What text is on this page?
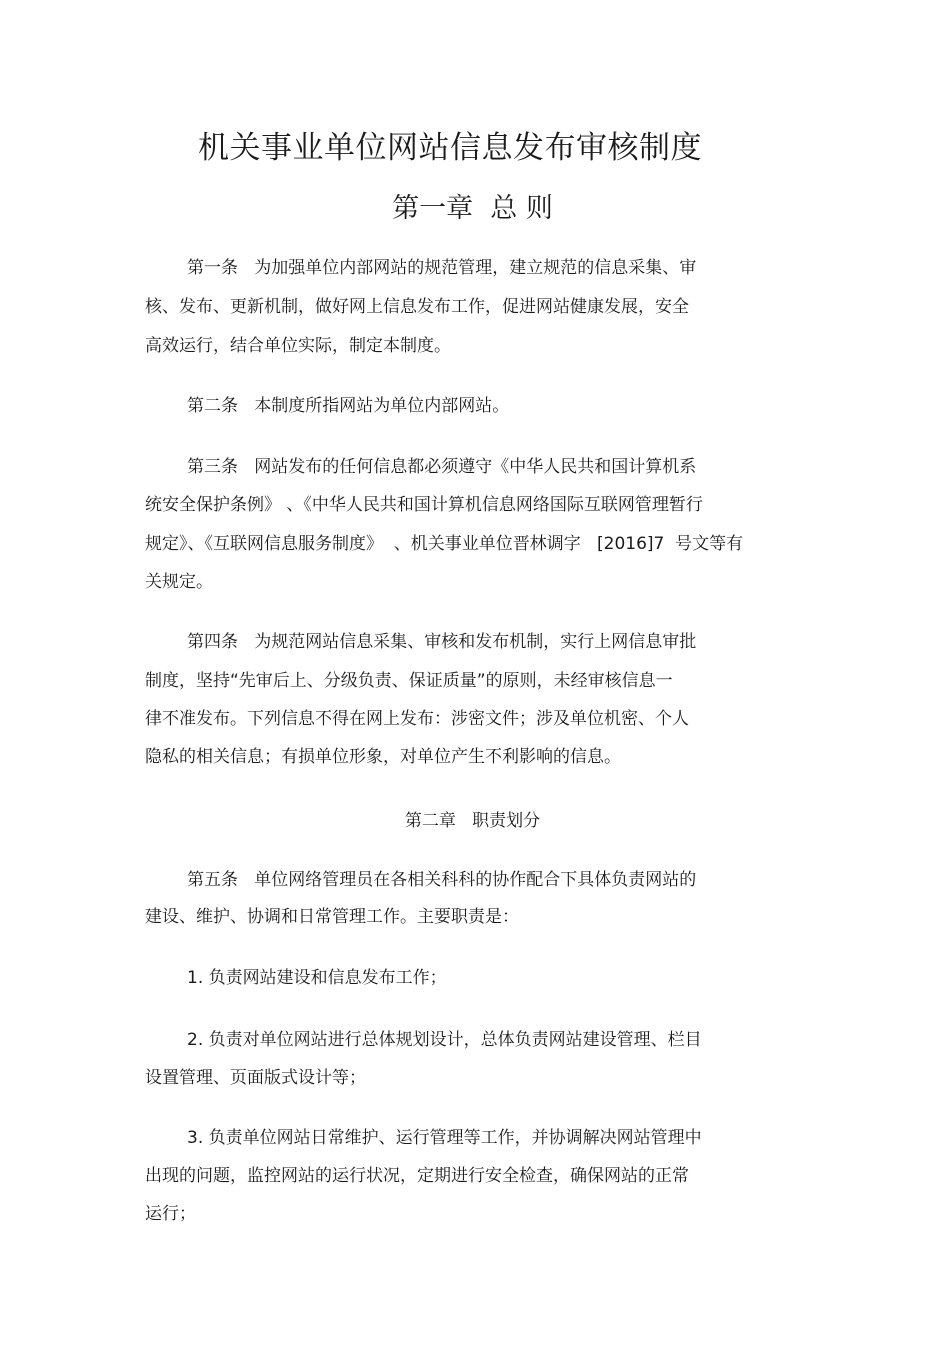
机关事业单位网站信息发布审核制度
第一章  总 则
第一条   为加强单位内部网站的规范管理，建立规范的信息采集、审
核、发布、更新机制，做好网上信息发布工作，促进网站健康发展，安全
高效运行，结合单位实际，制定本制度。
第二条   本制度所指网站为单位内部网站。
第三条   网站发布的任何信息都必须遵守《中华人民共和国计算机系
统安全保护条例》 、《中华人民共和国计算机信息网络国际互联网管理暂行
规定》、《互联网信息服务制度》  、机关事业单位晋林调字   [2016]7  号文等有
关规定。
第四条   为规范网站信息采集、审核和发布机制，实行上网信息审批
制度，坚持“先审后上、分级负责、保证质量”的原则，未经审核信息一
律不准发布。下列信息不得在网上发布：涉密文件；涉及单位机密、个人
隐私的相关信息；有损单位形象，对单位产生不利影响的信息。
第二章   职责划分
第五条   单位网络管理员在各相关科科的协作配合下具体负责网站的
建设、维护、协调和日常管理工作。主要职责是：
1. 负责网站建设和信息发布工作；
2. 负责对单位网站进行总体规划设计，总体负责网站建设管理、栏目
设置管理、页面版式设计等；
3. 负责单位网站日常维护、运行管理等工作，并协调解决网站管理中
出现的问题，监控网站的运行状况，定期进行安全检查，确保网站的正常
运行；
